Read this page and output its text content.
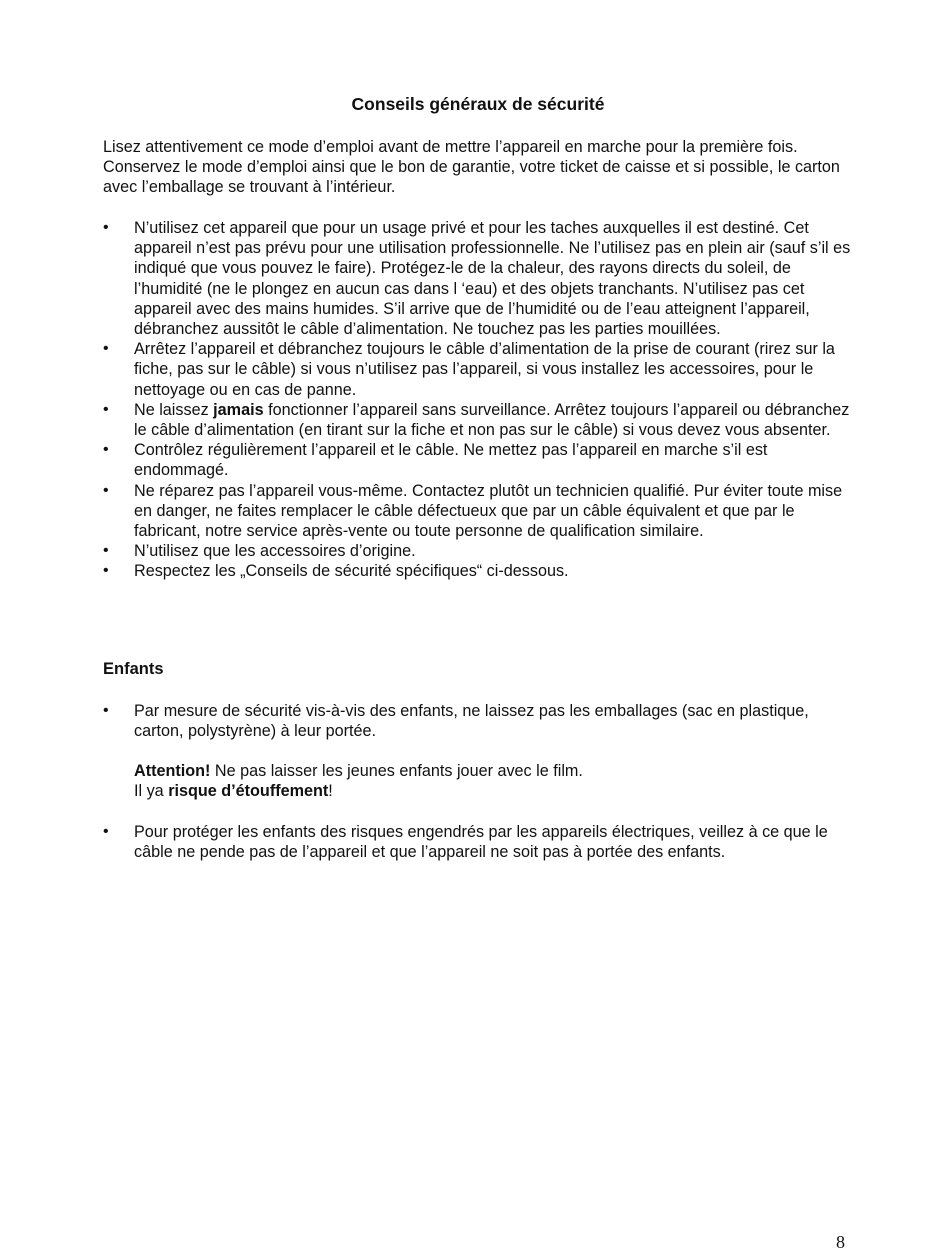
Conseils généraux de sécurité

Lisez attentivement ce mode d’emploi avant de mettre l’appareil en marche pour la première fois. Conservez le mode d’emploi ainsi que le bon de garantie, votre ticket de caisse et si possible, le carton avec l’emballage se trouvant à l’intérieur.

• N’utilisez cet appareil que pour un usage privé et pour les taches auxquelles il est destiné. Cet appareil n’est pas prévu pour une utilisation professionnelle. Ne l’utilisez pas en plein air (sauf s’il es indiqué que vous pouvez le faire). Protégez-le de la chaleur, des rayons directs du soleil, de l’humidité (ne le plongez en aucun cas dans l ‘eau) et des objets tranchants. N’utilisez pas cet appareil avec des mains humides. S’il arrive que de l’humidité ou de l’eau atteignent l’appareil, débranchez aussitôt le câble d’alimentation. Ne touchez pas les parties mouillées.
• Arrêtez l’appareil et débranchez toujours le câble d’alimentation de la prise de courant (rirez sur la fiche, pas sur le câble) si vous n’utilisez pas l’appareil, si vous installez les accessoires, pour le nettoyage ou en cas de panne.
• Ne laissez jamais fonctionner l’appareil sans surveillance. Arrêtez toujours l’appareil ou débranchez le câble d’alimentation (en tirant sur la fiche et non pas sur le câble) si vous devez vous absenter.
• Contrôlez régulièrement l’appareil et le câble. Ne mettez pas l’appareil en marche s’il est endommagé.
• Ne réparez pas l’appareil vous-même. Contactez plutôt un technicien qualifié. Pur éviter toute mise en danger, ne faites remplacer le câble défectueux que par un câble équivalent et que par le fabricant, notre service après-vente ou toute personne de qualification similaire.
• N’utilisez que les accessoires d’origine.
• Respectez les „Conseils de sécurité spécifiques“ ci-dessous.
Enfants
• Par mesure de sécurité vis-à-vis des enfants, ne laissez pas les emballages (sac en plastique, carton, polystyrène) à leur portée.

Attention! Ne pas laisser les jeunes enfants jouer avec le film.
Il ya risque d’étouffement!

• Pour protéger les enfants des risques engendrés par les appareils électriques, veillez à ce que le câble ne pende pas de l’appareil et que l’appareil ne soit pas à portée des enfants.
8
